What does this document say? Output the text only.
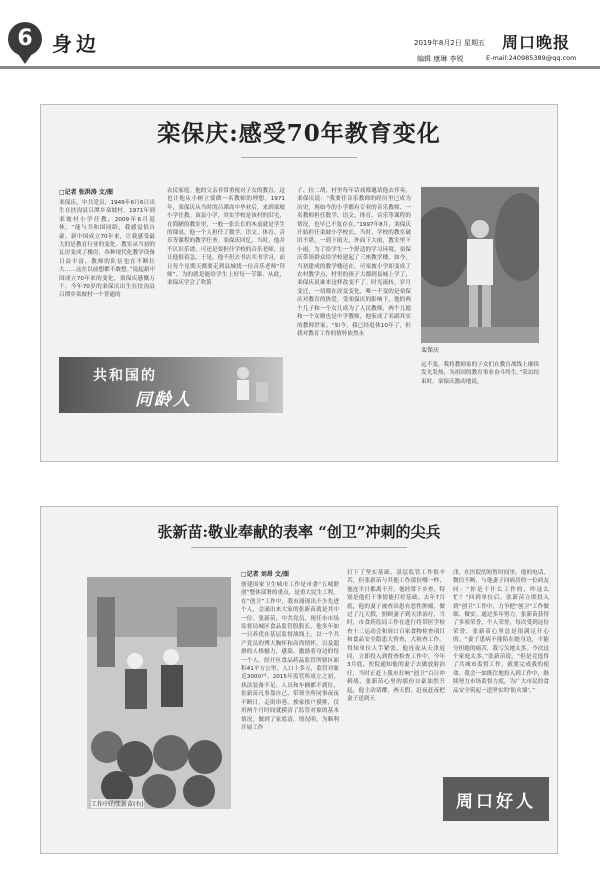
6 身边	2019年8月2日 星期五 周口晚报
编辑 康琳 李锐	E-mail:240985389@qq.com
栾保庆:感受70年教育变化
□记者 张洪涛 文/图
栾保庆，中共党员，1949年6月6日出生在扶沟县吕潭乡栾坡村，1971年到栾坡村小学任教，2009年6月退休。“能与共和国同龄，我感觉很自豪。新中国成立70年来，让我感受最大的是教育行业的变化。教室从当初的瓦房变成了楼房，各种现代化教学设备日益丰富，教师的队伍也在不断壮大……这在以前想都不敢想。”说起新中国成立70年来的变化，栾保庆感慨万千。今年70岁的栾保庆出生在扶沟县吕潭乡栾坡村一个普通的
农民家庭。他的父亲非常重视对子女的教育，这也让他从小树立要做一名教师的理想。1971年，栾保庆从当时的吕潭高中毕业后，来到栾坡小学任教。该县小学，其实学校是该村的旧宅，在简陋的教室里，一般一张长长的木桌就是学生的课桌。他一个人担任了数学、语文、体育、音乐等课程的教学任务。栾保庆回忆，当时，他并不认识乐谱，可还是要担任学校的音乐老师，这让他很着急。于是，他不但去书店买书学习，而且每个星期天都要走到县城找一位音乐老师“拜师”，为的就是能给学生上好每一节课。从此，栾保庆学会了吹笛
子、拉二胡，村里每年话戏都邀请他去伴奏。栾保庆说：“我要任音乐教师的经历里已成为历史，现如今的小学都有专业的音乐教师、一名教师担任数学、语文、体育、音乐等课程的情况，也早已不复存在。”1997年8月，栾保庆开始担任栾坡小学校长。当时，学校的教室破旧不堪，一到下雨天，外面下大雨，教室里下小雨。为了给学生一个舒适的学习环境，栾保庆带领群众给学校建起了三座教学楼。如今，当初建成的教学楼还在，可栾坡小学却变成了农村教学点，村里的孩子大都到县城上学了，栾保庆说谁来这样改变不了。时光流转，岁月变迁，一切都在改变变化，唯一不变的是栾保庆对教育的热爱。受栾保庆的影响下，他的两个儿子和一个女儿成为了人民教师，两个儿媳和一个女婿也是中学教师，他家成了名副其实的教师世家。“如今，我已经退休10年了，但我对教育工作的情怀依然永
共和国的
同龄人
栾保庆
远不变，我将教师家的子女们在教育战线上继续发光发热，为祖国的教育事业奋斗终生。”采访结束时，栾保庆激动地说。
张新苗:敬业奉献的表率 “创卫”冲刺的尖兵
工作中的张新苗(右)
□记者 刘昂 文/图
创建国家卫生城市工作是市委“五城联创”整体部署的重点，是重大民生工程。在“创卫”工作中，我市涌现出不少先进个人，会涌出来大家的张新苗就是其中一位。张新苗，中共党员，现任市市场监督局城区食品监管股股长，他多年如一日养优在基层监督战线上，以一个共产党员的博大胸怀和高尚情怀，以及超群的人格魅力，感染、激励着身边的每一个人。经开区食品药品监管所辖区面积41平方公里，人口十多万，监管对象近3000户。2015年监管所成立之初，执法装备不足、人员和车辆都不到位，张新苗凡事靠自己，带领全所同事夜夜不断日，走街串巷，挨家挨户摸排，仅用两个月时间就摸清了监管对象的基本情况，做到了家底清，情况明，为顺利开展工作
打下了坚实基础。基层监管工作很辛苦，但张新苗与其他工作那份哪一样，他连平日都离不开。他经常下乡查，特别是他们干事情能打好基础。去年7月底，他的妻子被查出患有恶性肿瘤，做过了几天假，照顾妻子到天津治疗，当时，市食药监局工作在进行将带医学检查十二运动会和周口百家食物检查项目和食品安全隐患大督查，大检查工作。得知单位人手紧张，他连夜从天津返回，立即投入到督查检查工作中。今年3月底，医院通知他的妻子去做放射治疗，当时正赶上我市打响“创卫”百日冲刺战，张新苗心里的那份自豪油然升起，他主动请缨，两天假，赶夜赶夜把妻子送到天
津，在医院的短暂时间里，他的电话、微信不断，与他妻子同病房的一位病友问：“你是干什么工作的，咋这么忙？”回到单位后，张新苗立即投入到“创卫”工作中，力争把“创卫”工作做细、做实。通过多年努力，张新苗获得了多项荣誉，个人荣誉，每次受到这份荣誉，张新苗心里总是很满足开心的。“妻子患病不能陪在她身边，不能分担她的痛苦，我亏欠她太多。今次这个家庭太多，”张新苗说，“但是竞选得了共城市监督工作，就要完成我的使命。我会一如既往地投入到工作中，继续努力市场监督力度，为广大市民的食品安全筑起一道坚实的‘防火墙’。”
周口好人
